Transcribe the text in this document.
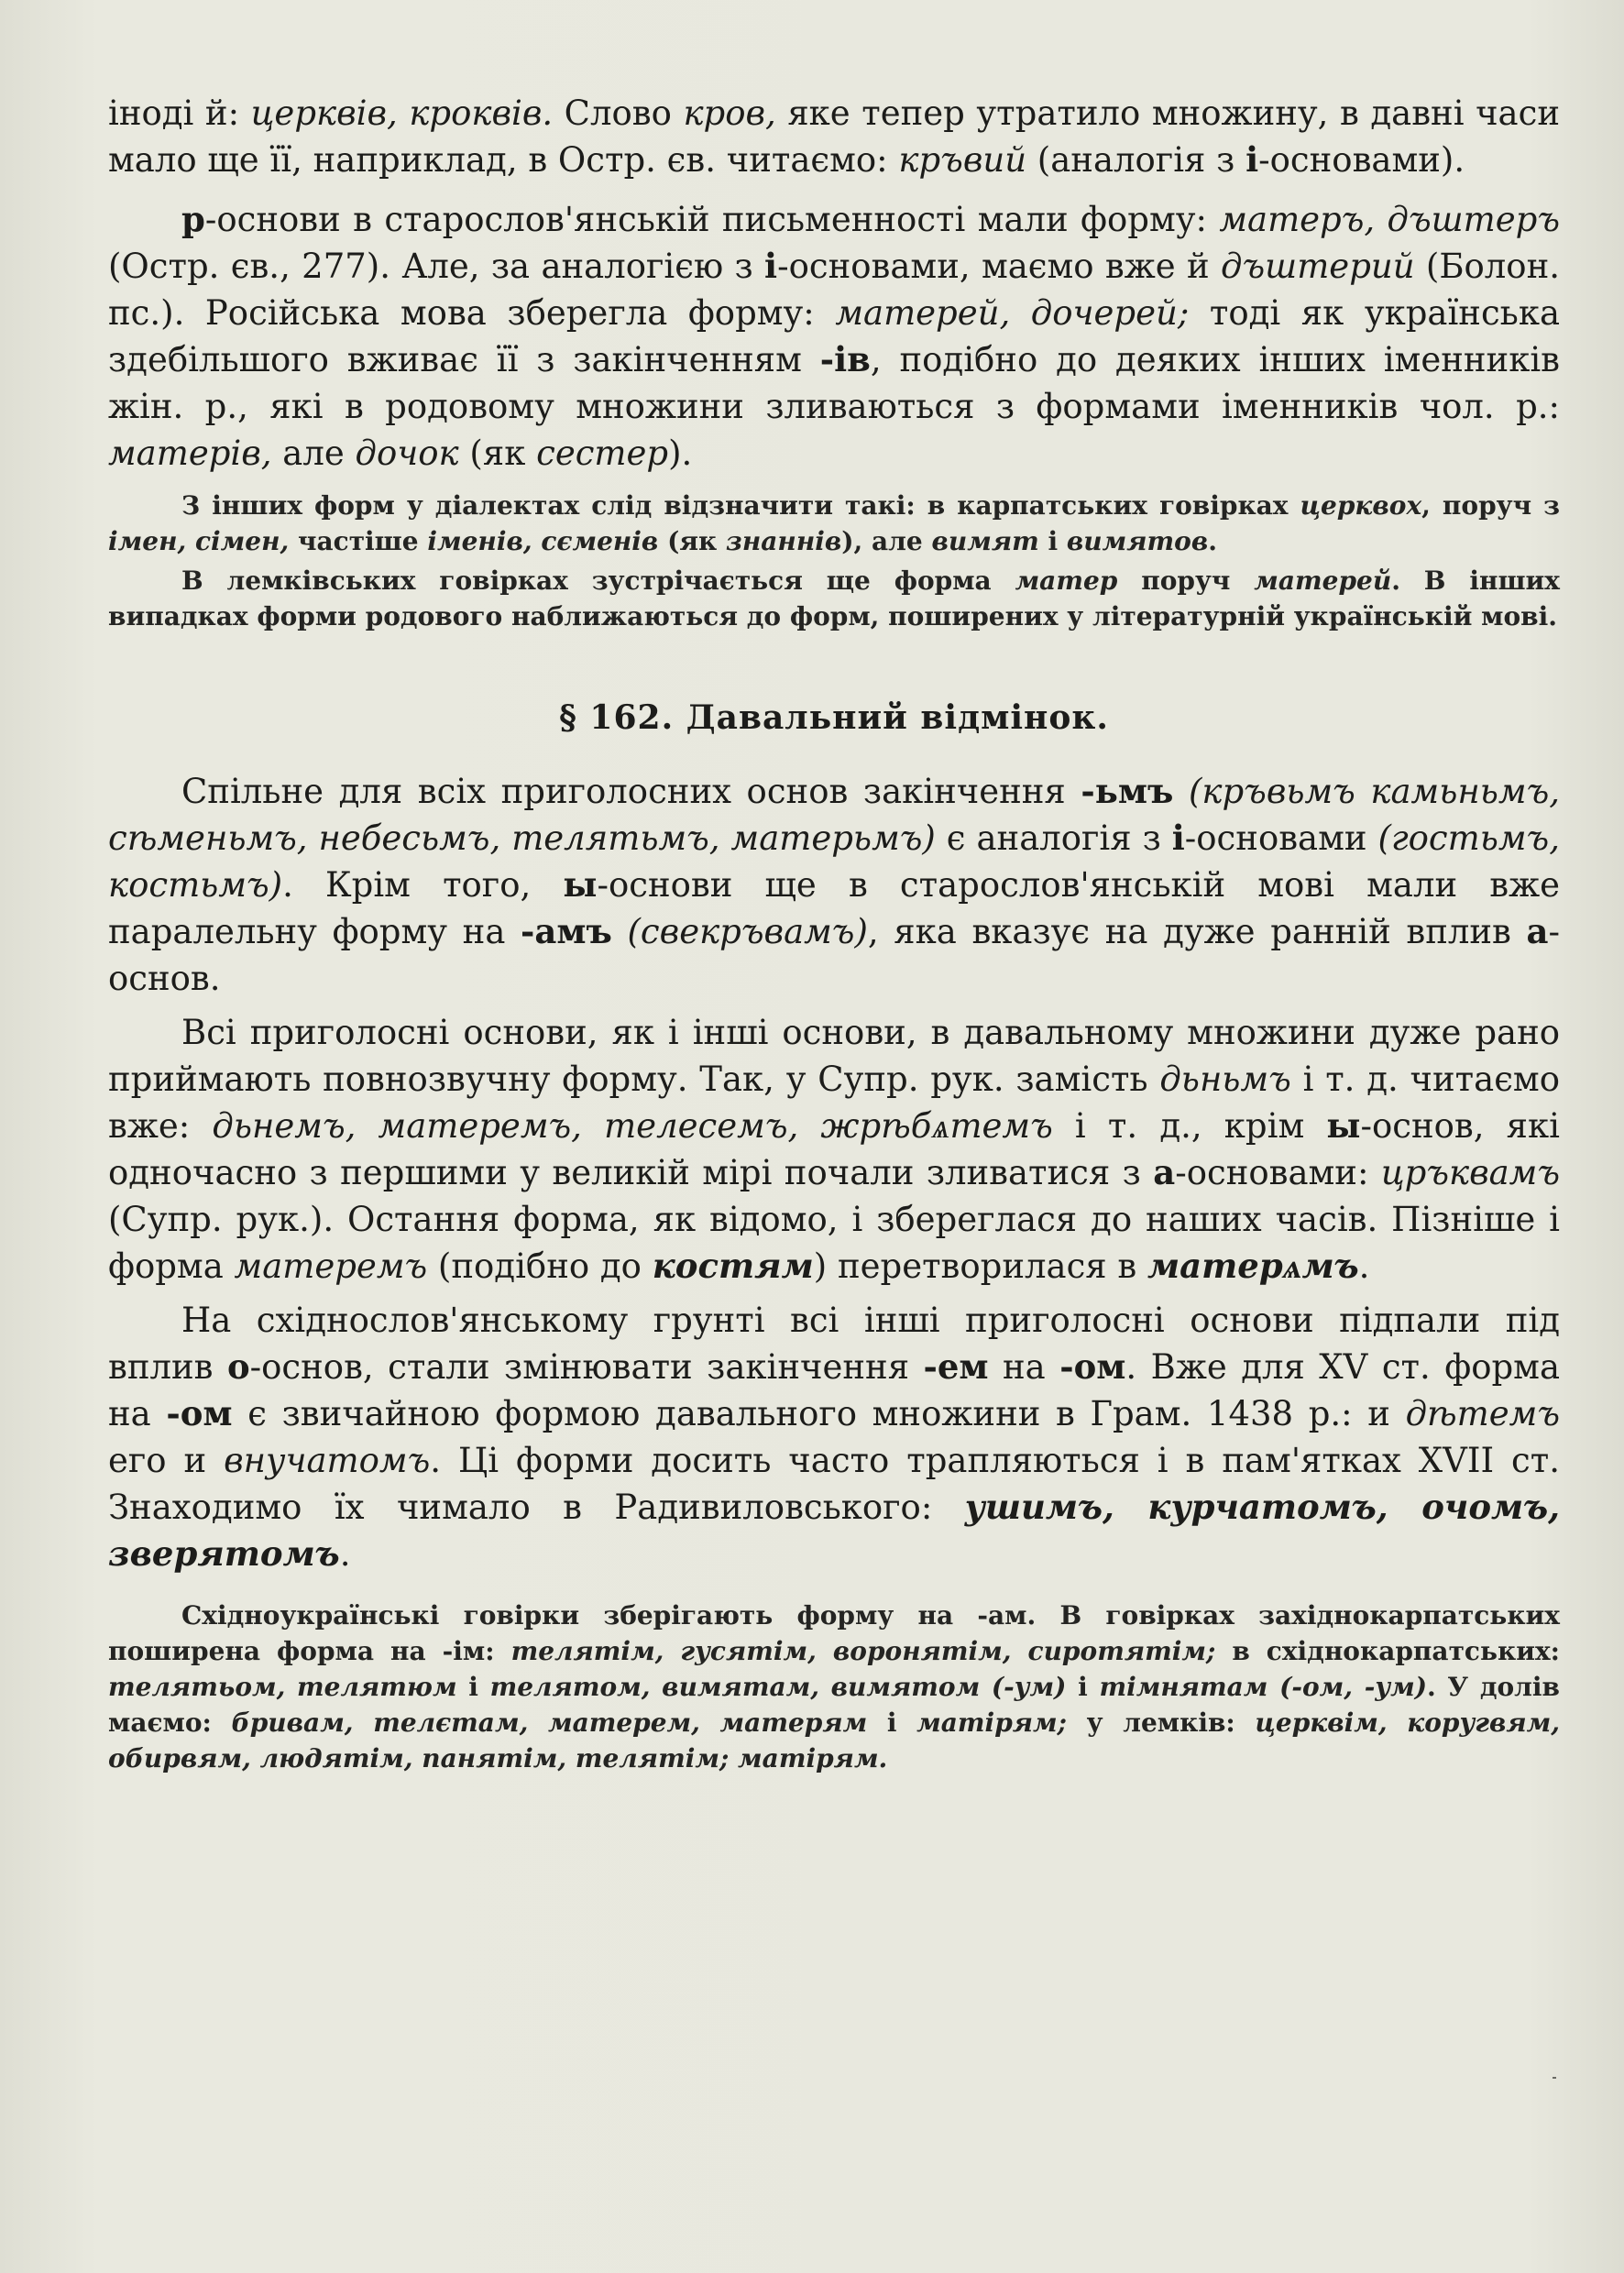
іноді й: церквів, кроквів. Слово кров, яке тепер утратило множину, в давні часи мало ще її, наприклад, в Остр. єв. читаємо: кръвий (аналогія з і-основами).

р-основи в старослов'янській письменності мали форму: матеръ, дъштеръ (Остр. єв., 277). Але, за аналогією з і-основами, маємо вже й дъштерий (Болон. пс.). Російська мова зберегла форму: матерей, дочерей; тоді як українська здебільшого вживає її з закінченням -ів, подібно до деяких інших іменників жін. р., які в родовому множини зливаються з формами іменників чол. р.: матерів, але дочок (як сестер).

З інших форм у діалектах слід відзначити такі: в карпатських говірках церквох, поруч з імен, сімен, частіше іменів, сєменів (як знаннів), але вимят і вимятов.

В лемківських говірках зустрічається ще форма матер поруч матерей. В інших випадках форми родового наближаються до форм, поширених у літературній українській мові.

§ 162. Давальний відмінок.

Спільне для всіх приголосних основ закінчення -ьмъ (кръвьмъ камьньмъ, сѣменьмъ, небесьмъ, телятьмъ, матерьмъ) є аналогія з і-основами (гостьмъ, костьмъ). Крім того, ы-основи ще в старослов'янській мові мали вже паралельну форму на -амъ (свекръвамъ), яка вказує на дуже ранній вплив а-основ.

Всі приголосні основи, як і інші основи, в давальному множини дуже рано приймають повнозвучну форму. Так, у Супр. рук. замість дьньмъ і т. д. читаємо вже: дьнемъ, матеремъ, телесемъ, жрѣбѧтемъ і т. д., крім ы-основ, які одночасно з першими у великій мірі почали зливатися з а-основами: цръквамъ (Супр. рук.). Остання форма, як відомо, і збереглася до наших часів. Пізніше і форма матеремъ (подібно до костям) перетворилася в матерѧмъ.

На східнослов'янському грунті всі інші приголосні основи підпали під вплив о-основ, стали змінювати закінчення -ем на -ом. Вже для XV ст. форма на -ом є звичайною формою давального множини в Грам. 1438 р.: и дѣтемъ его и внучатомъ. Ці форми досить часто трапляються і в пам'ятках XVII ст. Знаходимо їх чимало в Радивиловського: ушимъ, курчатомъ, очомъ, зверятомъ.

Східноукраїнські говірки зберігають форму на -ам. В говірках західнокарпатських поширена форма на -ім: телятім, гусятім, воронятім, сиротятім; в східнокарпатських: телятьом, телятюм і телятом, вимятам, вимятом (-ум) і тімнятам (-ом, -ум). У долів маємо: бривам, телєтам, матерем, матерям і матірям; у лемків: церквім, коругвям, обирвям, людятім, панятім, телятім; матірям.
